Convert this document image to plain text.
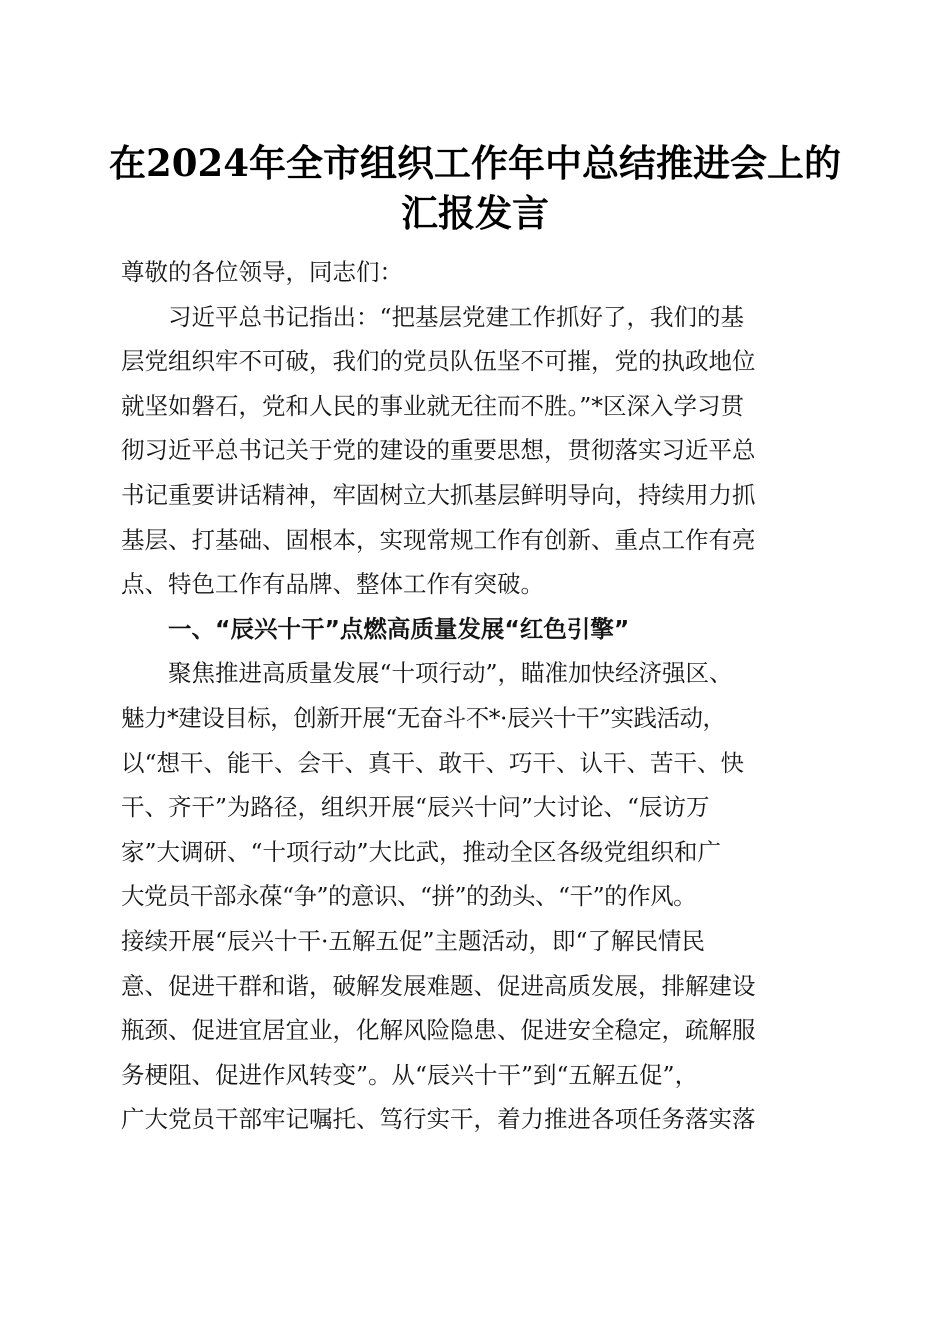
在2024年全市组织工作年中总结推进会上的
汇报发言
尊敬的各位领导，同志们：
习近平总书记指出：“把基层党建工作抓好了，我们的基
层党组织牢不可破，我们的党员队伍坚不可摧，党的执政地位
就坚如磐石，党和人民的事业就无往而不胜。”*区深入学习贯
彻习近平总书记关于党的建设的重要思想，贯彻落实习近平总
书记重要讲话精神，牢固树立大抓基层鲜明导向，持续用力抓
基层、打基础、固根本，实现常规工作有创新、重点工作有亮
点、特色工作有品牌、整体工作有突破。
一、“辰兴十干”点燃高质量发展“红色引擎”
聚焦推进高质量发展“十项行动”，瞄准加快经济强区、
魅力*建设目标，创新开展“无奋斗不*·辰兴十干”实践活动，
以“想干、能干、会干、真干、敢干、巧干、认干、苦干、快
干、齐干”为路径，组织开展“辰兴十问”大讨论、“辰访万
家”大调研、“十项行动”大比武，推动全区各级党组织和广
大党员干部永葆“争”的意识、“拼”的劲头、“干”的作风。
接续开展“辰兴十干·五解五促”主题活动，即“了解民情民
意、促进干群和谐，破解发展难题、促进高质发展，排解建设
瓶颈、促进宜居宜业，化解风险隐患、促进安全稳定，疏解服
务梗阻、促进作风转变”。从“辰兴十干”到“五解五促”，
广大党员干部牢记嘱托、笃行实干，着力推进各项任务落实落
